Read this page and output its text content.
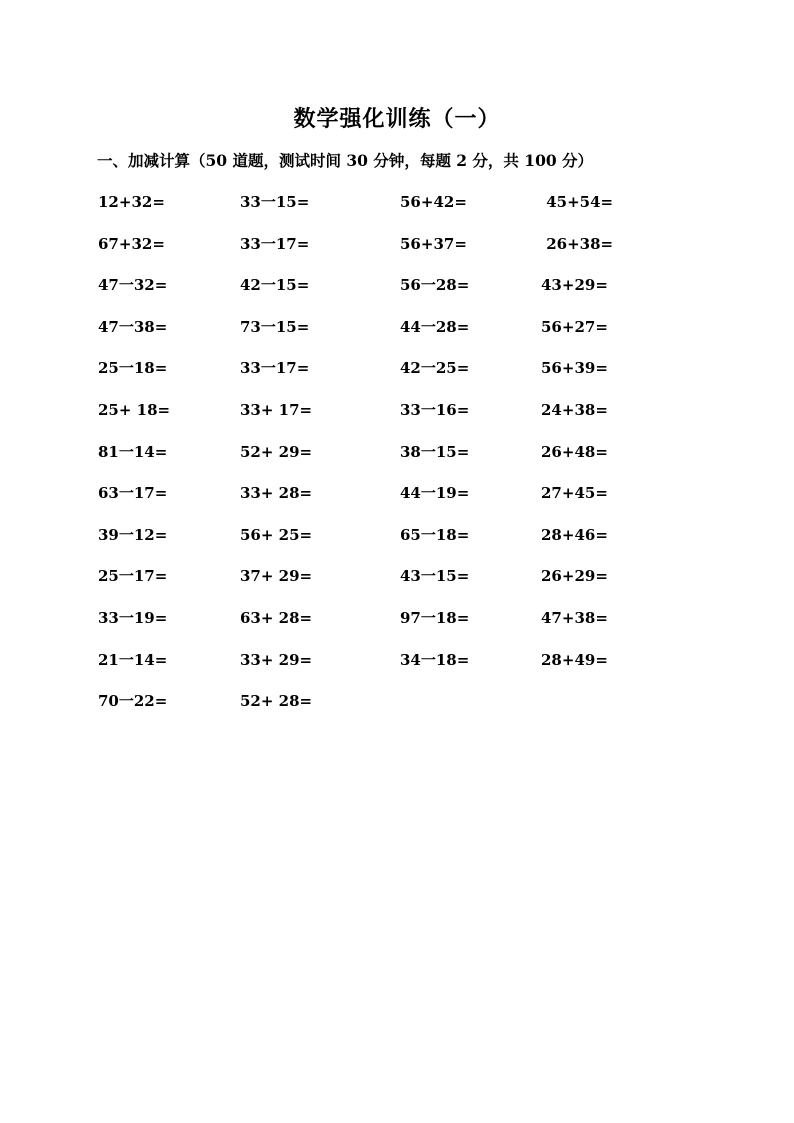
数学强化训练（一）
一、加减计算（50 道题，测试时间 30 分钟，每题 2 分，共 100 分）
12+32=	33一15=	56+42=	45+54=
67+32=	33一17=	56+37=	26+38=
47一32=	42一15=	56一28=	43+29=
47一38=	73一15=	44一28=	56+27=
25一18=	33一17=	42一25=	56+39=
25+ 18=	33+ 17=	33一16=	24+38=
81一14=	52+ 29=	38一15=	26+48=
63一17=	33+ 28=	44一19=	27+45=
39一12=	56+ 25=	65一18=	28+46=
25一17=	37+ 29=	43一15=	26+29=
33一19=	63+ 28=	97一18=	47+38=
21一14=	33+ 29=	34一18=	28+49=
70一22=	52+ 28=
